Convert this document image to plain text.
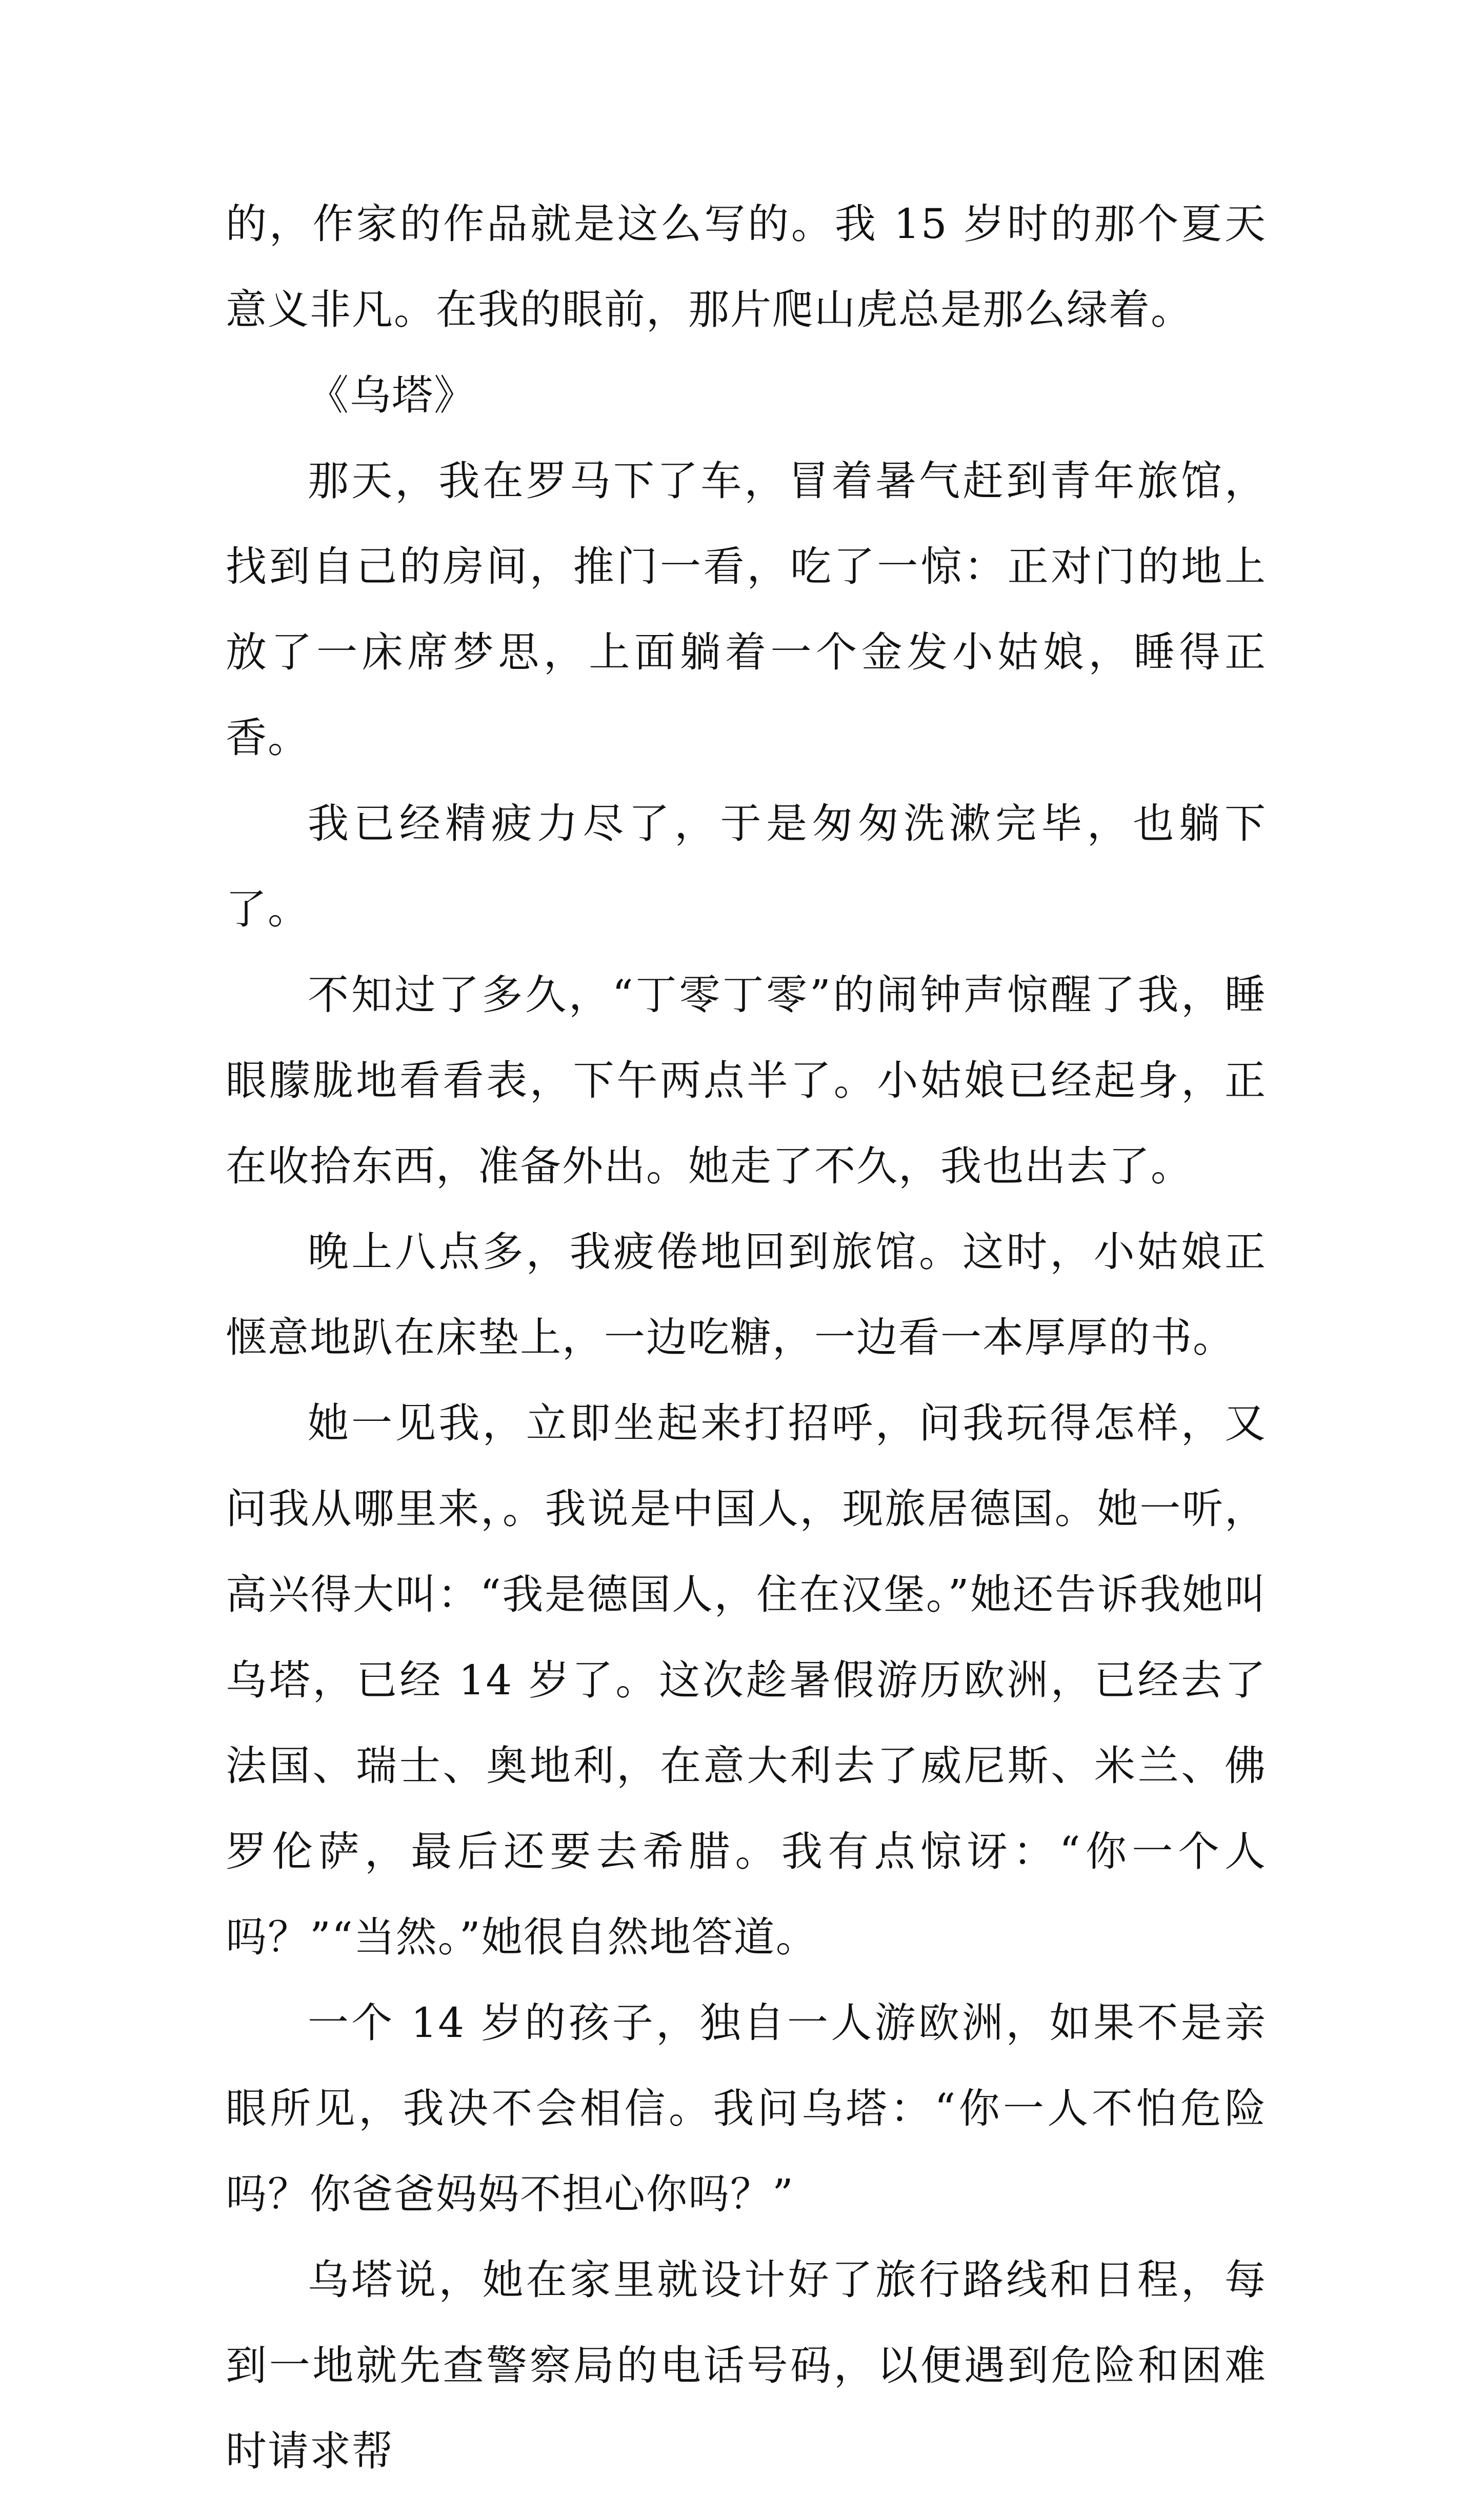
的，作家的作品就是这么写的。我 15 岁时的那个夏天意义非凡。在我的眼前，那片爬山虎总是那么绿着。

《乌塔》

那天，我在罗马下了车，冒着暑气赶到青年旅馆，找到自己的房间，推门一看，吃了一惊：正对门的地上放了一床席梦思，上面躺着一个金发小姑娘，睡得正香。

我已经精疲力尽了，于是匆匆洗漱完毕，也躺下了。

不知过了多久，“丁零丁零”的闹钟声惊醒了我，睡眼朦胧地看看表，下午两点半了。小姑娘已经起身，正在收拾东西，准备外出。她走了不久，我也出去了。

晚上八点多，我疲倦地回到旅馆。这时，小姑娘正惬意地趴在床垫上，一边吃糖，一边看一本厚厚的书。

她一见我，立即坐起来打招呼，问我玩得怎样，又问我从哪里来，。我说是中国人，现旅居德国。她一听，高兴得大叫：“我是德国人，住在汉堡。”她还告诉我她叫乌塔，已经 14 岁了。这次趁暑假游历欧洲，已经去了法国、瑞士、奥地利，在意大利去了威尼斯、米兰、佛罗伦萨，最后还要去希腊。我有点惊讶：“你一个人吗？”“当然。”她很自然地答道。

一个 14 岁的孩子，独自一人游欧洲，如果不是亲眼所见，我决不会相信。我问乌塔：“你一人不怕危险吗？你爸爸妈妈不担心你吗？”

乌塔说，她在家里就设计好了旅行路线和日程，每到一地就先查警察局的电话号码，以便遇到危险和困难时请求帮
